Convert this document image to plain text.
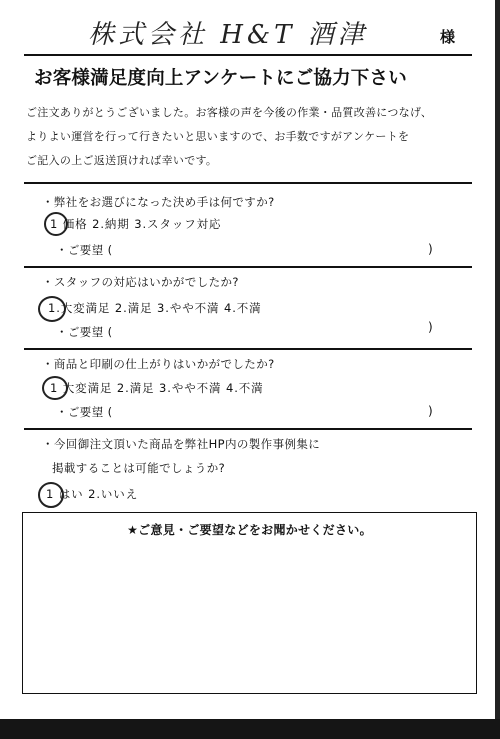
株式会社 H&T 酒津	様
お客様満足度向上アンケートにご協力下さい
ご注文ありがとうございました。お客様の声を今後の作業・品質改善につなげ、
よりよい運営を行って行きたいと思いますので、お手数ですがアンケートを
ご記入の上ご返送頂ければ幸いです。
・弊社をお選びになった決め手は何ですか?
1 価格 2.納期 3.スタッフ対応
・ご要望 (	)
・スタッフの対応はいかがでしたか?
1.大変満足 2.満足 3.やや不満 4.不満
・ご要望 (	)
・商品と印刷の仕上がりはいかがでしたか?
1 大変満足 2.満足 3.やや不満 4.不満
・ご要望 (	)
・今回御注文頂いた商品を弊社HP内の製作事例集に
掲載することは可能でしょうか?
1 はい 2.いいえ
★ご意見・ご要望などをお聞かせください。
